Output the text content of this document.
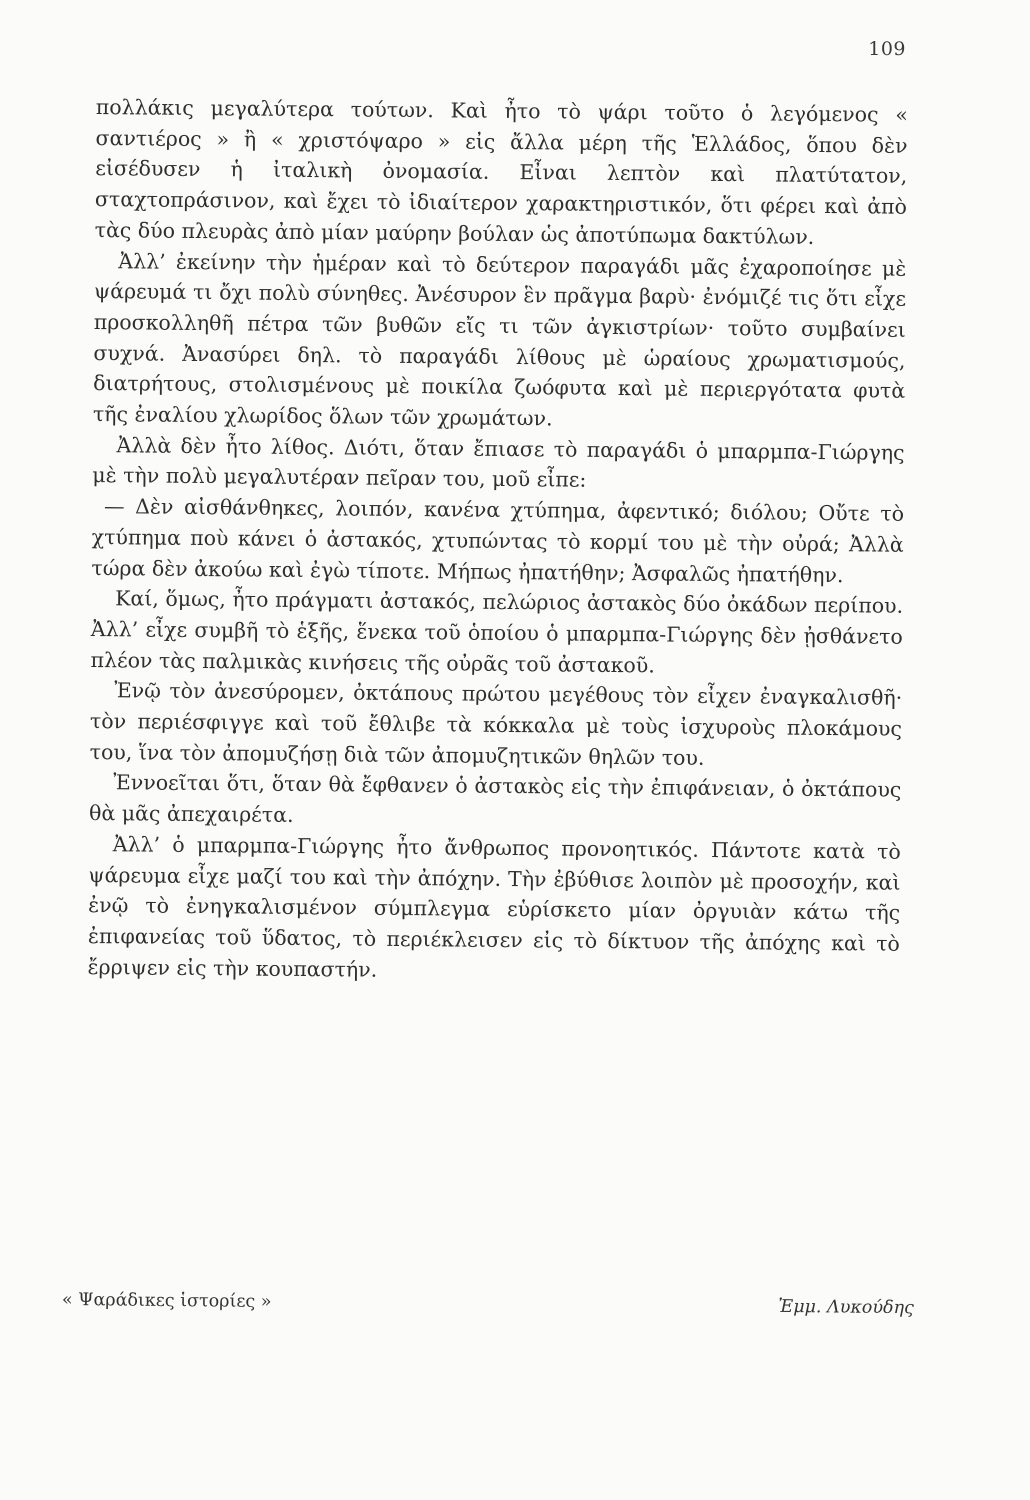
109

πολλάκις μεγαλύτερα τούτων. Καὶ ἦτο τὸ ψάρι τοῦτο ὁ λεγόμενος « σαντιέρος » ἢ « χριστόψαρο » εἰς ἄλλα μέρη τῆς Ἑλλάδος, ὅπου δὲν εἰσέδυσεν ἡ ἰταλικὴ ὀνομασία. Εἶναι λεπτὸν καὶ πλατύτατον, σταχτοπράσινον, καὶ ἔχει τὸ ἰδιαίτερον χαρακτηριστικόν, ὅτι φέρει καὶ ἀπὸ τὰς δύο πλευρὰς ἀπὸ μίαν μαύρην βούλαν ὡς ἀποτύπωμα δακτύλων.

Ἀλλ’ ἐκείνην τὴν ἡμέραν καὶ τὸ δεύτερον παραγάδι μᾶς ἐχαροποίησε μὲ ψάρευμά τι ὄχι πολὺ σύνηθες. Ἀνέσυρον ἓν πρᾶγμα βαρὺ· ἐνόμιζέ τις ὅτι εἶχε προσκολληθῆ πέτρα τῶν βυθῶν εἴς τι τῶν ἀγκιστρίων· τοῦτο συμβαίνει συχνά. Ἀνασύρει δηλ. τὸ παραγάδι λίθους μὲ ὡραίους χρωματισμούς, διατρήτους, στολισμένους μὲ ποικίλα ζωόφυτα καὶ μὲ περιεργότατα φυτὰ τῆς ἐναλίου χλωρίδος ὅλων τῶν χρωμάτων.

Ἀλλὰ δὲν ἦτο λίθος. Διότι, ὅταν ἔπιασε τὸ παραγάδι ὁ μπαρμπα-Γιώργης μὲ τὴν πολὺ μεγαλυτέραν πεῖραν του, μοῦ εἶπε:

— Δὲν αἰσθάνθηκες, λοιπόν, κανένα χτύπημα, ἀφεντικό; διόλου; Οὔτε τὸ χτύπημα ποὺ κάνει ὁ ἀστακός, χτυπώντας τὸ κορμί του μὲ τὴν οὐρά; Ἀλλὰ τώρα δὲν ἀκούω καὶ ἐγὼ τίποτε. Μήπως ἠπατήθην; Ἀσφαλῶς ἠπατήθην.

Καί, ὅμως, ἦτο πράγματι ἀστακός, πελώριος ἀστακὸς δύο ὀκάδων περίπου. Ἀλλ’ εἶχε συμβῆ τὸ ἑξῆς, ἕνεκα τοῦ ὁποίου ὁ μπαρμπα-Γιώργης δὲν ᾐσθάνετο πλέον τὰς παλμικὰς κινήσεις τῆς οὐρᾶς τοῦ ἀστακοῦ.

Ἐνῷ τὸν ἀνεσύρομεν, ὀκτάπους πρώτου μεγέθους τὸν εἶχεν ἐναγκαλισθῆ· τὸν περιέσφιγγε καὶ τοῦ ἔθλιβε τὰ κόκκαλα μὲ τοὺς ἰσχυροὺς πλοκάμους του, ἵνα τὸν ἀπομυζήσῃ διὰ τῶν ἀπομυζητικῶν θηλῶν του.

Ἐννοεῖται ὅτι, ὅταν θὰ ἔφθανεν ὁ ἀστακὸς εἰς τὴν ἐπιφάνειαν, ὁ ὀκτάπους θὰ μᾶς ἀπεχαιρέτα.

Ἀλλ’ ὁ μπαρμπα-Γιώργης ἦτο ἄνθρωπος προνοητικός. Πάντοτε κατὰ τὸ ψάρευμα εἶχε μαζί του καὶ τὴν ἀπόχην. Τὴν ἐβύθισε λοιπὸν μὲ προσοχήν, καὶ ἐνῷ τὸ ἐνηγκαλισμένον σύμπλεγμα εὑρίσκετο μίαν ὀργυιὰν κάτω τῆς ἐπιφανείας τοῦ ὕδατος, τὸ περιέκλεισεν εἰς τὸ δίκτυον τῆς ἀπόχης καὶ τὸ ἔρριψεν εἰς τὴν κουπαστήν.

« Ψαράδικες ἱστορίες »	Ἐμμ. Λυκούδης
